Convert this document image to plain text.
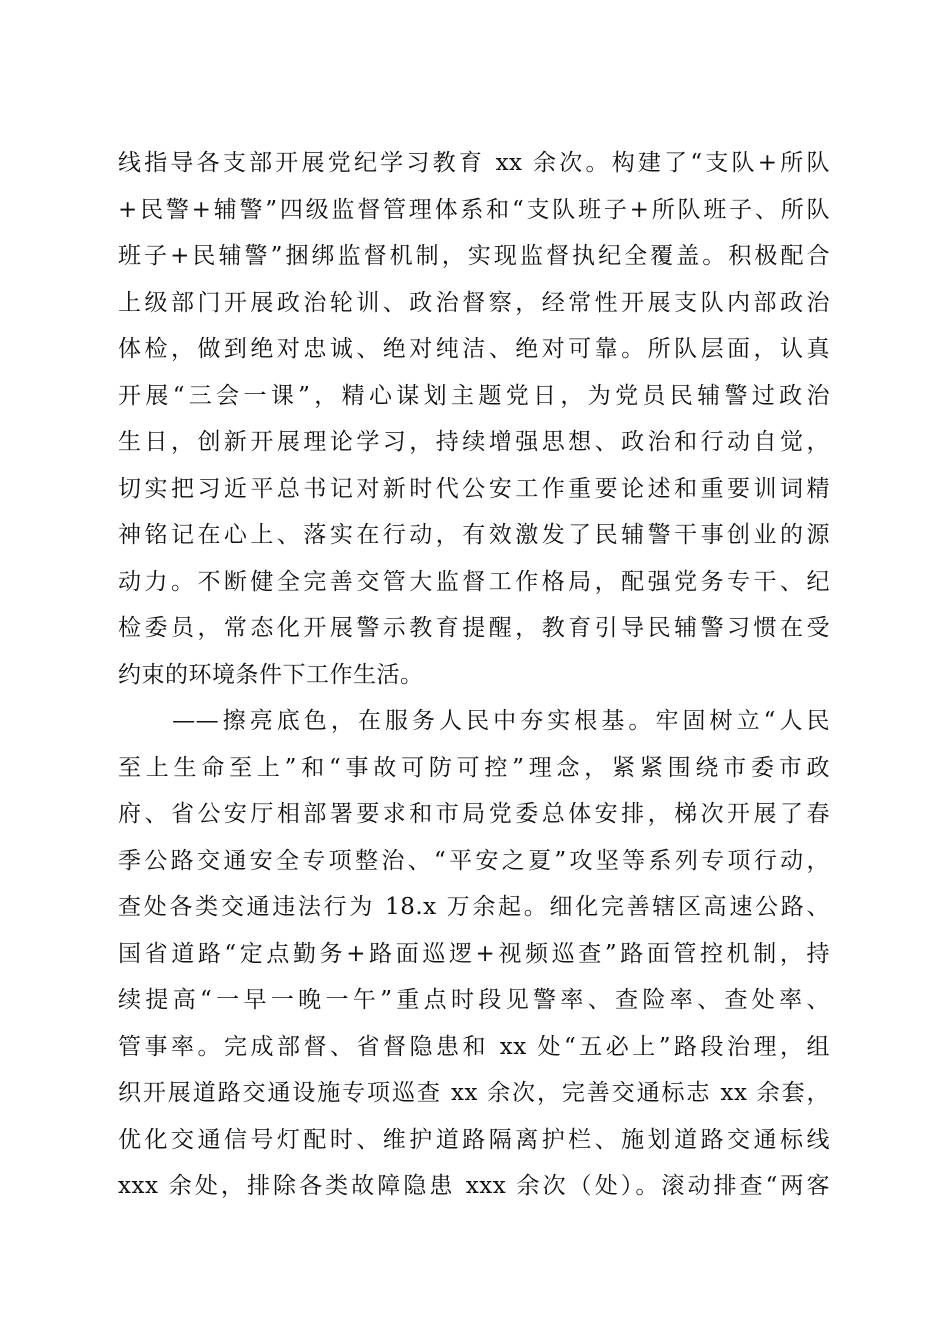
线指导各支部开展党纪学习教育 xx 余次。构建了“支队+所队
+民警+辅警”四级监督管理体系和“支队班子+所队班子、所队
班子+民辅警”捆绑监督机制，实现监督执纪全覆盖。积极配合
上级部门开展政治轮训、政治督察，经常性开展支队内部政治
体检，做到绝对忠诚、绝对纯洁、绝对可靠。所队层面，认真
开展“三会一课”，精心谋划主题党日，为党员民辅警过政治
生日，创新开展理论学习，持续增强思想、政治和行动自觉，
切实把习近平总书记对新时代公安工作重要论述和重要训词精
神铭记在心上、落实在行动，有效激发了民辅警干事创业的源
动力。不断健全完善交管大监督工作格局，配强党务专干、纪
检委员，常态化开展警示教育提醒，教育引导民辅警习惯在受
约束的环境条件下工作生活。
　　——擦亮底色，在服务人民中夯实根基。牢固树立“人民
至上生命至上”和“事故可防可控”理念，紧紧围绕市委市政
府、省公安厅相部署要求和市局党委总体安排，梯次开展了春
季公路交通安全专项整治、“平安之夏”攻坚等系列专项行动，
查处各类交通违法行为 18.x 万余起。细化完善辖区高速公路、
国省道路“定点勤务+路面巡逻+视频巡查”路面管控机制，持
续提高“一早一晚一午”重点时段见警率、查险率、查处率、
管事率。完成部督、省督隐患和 xx 处“五必上”路段治理，组
织开展道路交通设施专项巡查 xx 余次，完善交通标志 xx 余套，
优化交通信号灯配时、维护道路隔离护栏、施划道路交通标线
xxx 余处，排除各类故障隐患 xxx 余次（处）。滚动排查“两客
